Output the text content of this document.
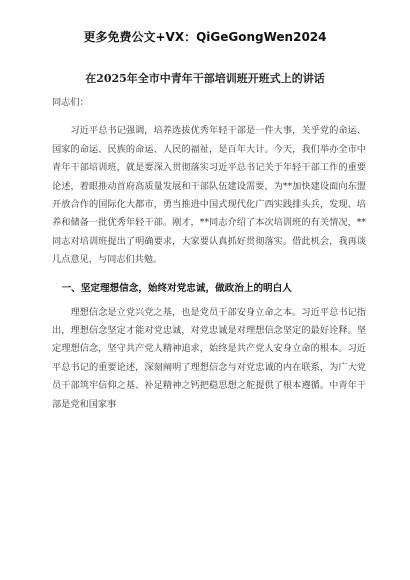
更多免费公文+VX：QiGeGongWen2024
在2025年全市中青年干部培训班开班式上的讲话

同志们：

习近平总书记强调，培养选拔优秀年轻干部是一件大事，关乎党的命运、国家的命运、民族的命运、人民的福祉，是百年大计。今天，我们举办全市中青年干部培训班，就是要深入贯彻落实习近平总书记关于年轻干部工作的重要论述，着眼推动首府高质量发展和干部队伍建设需要，为**加快建设面向东盟开放合作的国际化大都市，勇当推进中国式现代化广西实践排头兵，发现、培养和储备一批优秀年轻干部。刚才，**同志介绍了本次培训班的有关情况，**同志对培训班提出了明确要求，大家要认真抓好贯彻落实。借此机会，我再谈几点意见，与同志们共勉。

一、坚定理想信念，始终对党忠诚，做政治上的明白人

理想信念是立党兴党之基，也是党员干部安身立命之本。习近平总书记指出，理想信念坚定才能对党忠诚，对党忠诚是对理想信念坚定的最好诠释。坚定理想信念，坚守共产党人精神追求，始终是共产党人安身立命的根本。习近平总书记的重要论述，深刻阐明了理想信念与对党忠诚的内在联系，为广大党员干部筑牢信仰之基、补足精神之钙把稳思想之舵提供了根本遵循。中青年干部是党和国家事
